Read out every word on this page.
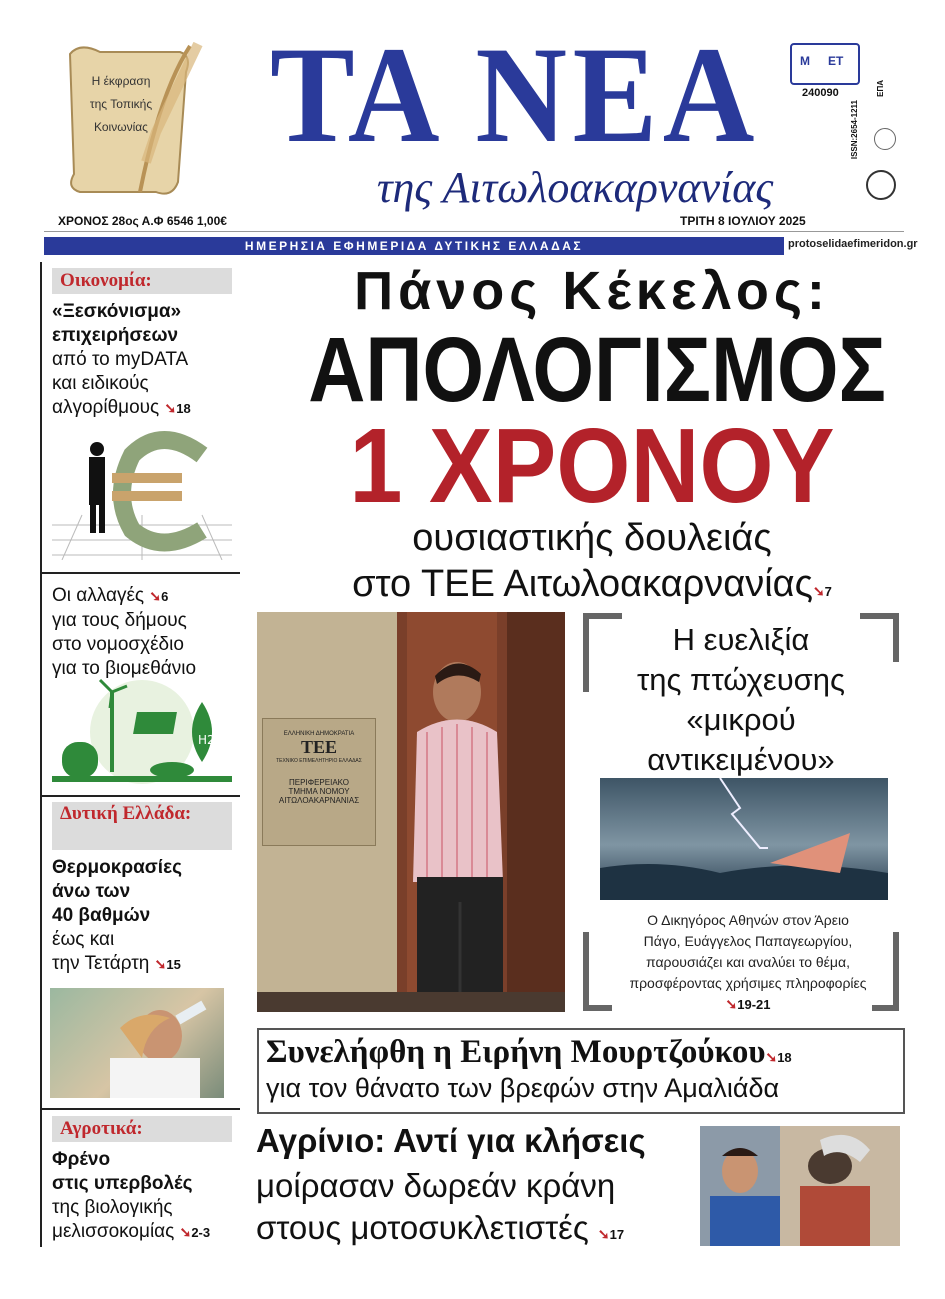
Η έκφραση
της Τοπικής
Κοινωνίας ΤΑ ΝΕΑ
της Αιτωλοακαρνανίας
Μ ΕΤ
240090
ISSN:2654-1211
ΕΠΑ
ΧΡΟΝΟΣ 28ος Α.Φ 6546 1,00€	ΤΡΙΤΗ 8 ΙΟΥΛΙΟΥ 2025
ΗΜΕΡΗΣΙΑ ΕΦΗΜΕΡΙΔΑ ΔΥΤΙΚΗΣ ΕΛΛΑΔΑΣ	protoselidaefimeridon.gr
Οικονομία:
«Ξεσκόνισμα»
επιχειρήσεων
από το myDATA
και ειδικούς
αλγορίθμους ➘18
Οι αλλαγές ➘6
για τους δήμους
στο νομοσχέδιο
για το βιομεθάνιο
H2
Δυτική Ελλάδα:
Θερμοκρασίες
άνω των
40 βαθμών
έως και
την Τετάρτη ➘15
Αγροτικά:
Φρένο
στις υπερβολές
της βιολογικής
μελισσοκομίας ➘2-3
Πάνος Κέκελος:
ΑΠΟΛΟΓΙΣΜΟΣ
1 ΧΡΟΝΟΥ
ουσιαστικής δουλειάς
στο ΤΕΕ Αιτωλοακαρνανίας➘7
ΕΛΛΗΝΙΚΗ ΔΗΜΟΚΡΑΤΙΑ
ΤΕΕ
ΤΕΧΝΙΚΟ ΕΠΙΜΕΛΗΤΗΡΙΟ ΕΛΛΑΔΑΣ
ΠΕΡΙΦΕΡΕΙΑΚΟ
ΤΜΗΜΑ ΝΟΜΟΥ
ΑΙΤΩΛΟΑΚΑΡΝΑΝΙΑΣ
Η ευελιξία
της πτώχευσης
«μικρού
αντικειμένου»
Ο Δικηγόρος Αθηνών στον Άρειο
Πάγο, Ευάγγελος Παπαγεωργίου,
παρουσιάζει και αναλύει το θέμα,
προσφέροντας χρήσιμες πληροφορίες
➘19-21
Συνελήφθη η Ειρήνη Μουρτζούκου➘18
για τον θάνατο των βρεφών στην Αμαλιάδα
Αγρίνιο: Αντί για κλήσεις
μοίρασαν δωρεάν κράνη
στους μοτοσυκλετιστές ➘17
